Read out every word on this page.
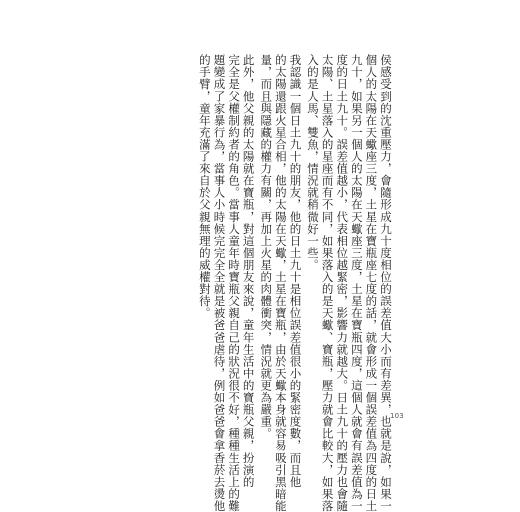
侯感受到的沈重壓力，會隨形成九十度相位的誤差值大小而有差異，也就是說，如果一
個人的太陽在天蠍座三度，土星在寶瓶座七度的話，就會形成一個誤差值為四度的日土
九十，如果另一個人的太陽在天蠍座三度，土星在寶瓶四度，這個人就會有誤差值為一
度的日土九十。誤差值越小，代表相位越緊密，影響力就越大。日土九十的壓力也會隨
太陽、土星落入的星座而有不同，如果落入的是天蠍、寶瓶，壓力就會比較大，如果落
入的是人馬、雙魚，情況就稍微好一些。
我認識一個日土九十的朋友，他的日土九十是相位誤差值很小的緊密度數，而且他
的太陽還跟火星合相，他的太陽在天蠍，土星在寶瓶，由於天蠍本身就容易吸引黑暗能
量，而且與隱藏的權力有關，再加上火星的肉體衝突，情況就更為嚴重。
此外，他父親的太陽就在寶瓶，對這個朋友來說，童年生活中的寶瓶父親，扮演的
完全是父權制約者的角色。當事人童年時寶瓶父親自己的狀況很不好，種種生活上的難
題變成了家暴行為，當事人小時候完完全全就是被爸爸虐待，例如爸爸會拿香菸去燙他
的手臂，童年充滿了來自於父親無理的威權對待。
103
